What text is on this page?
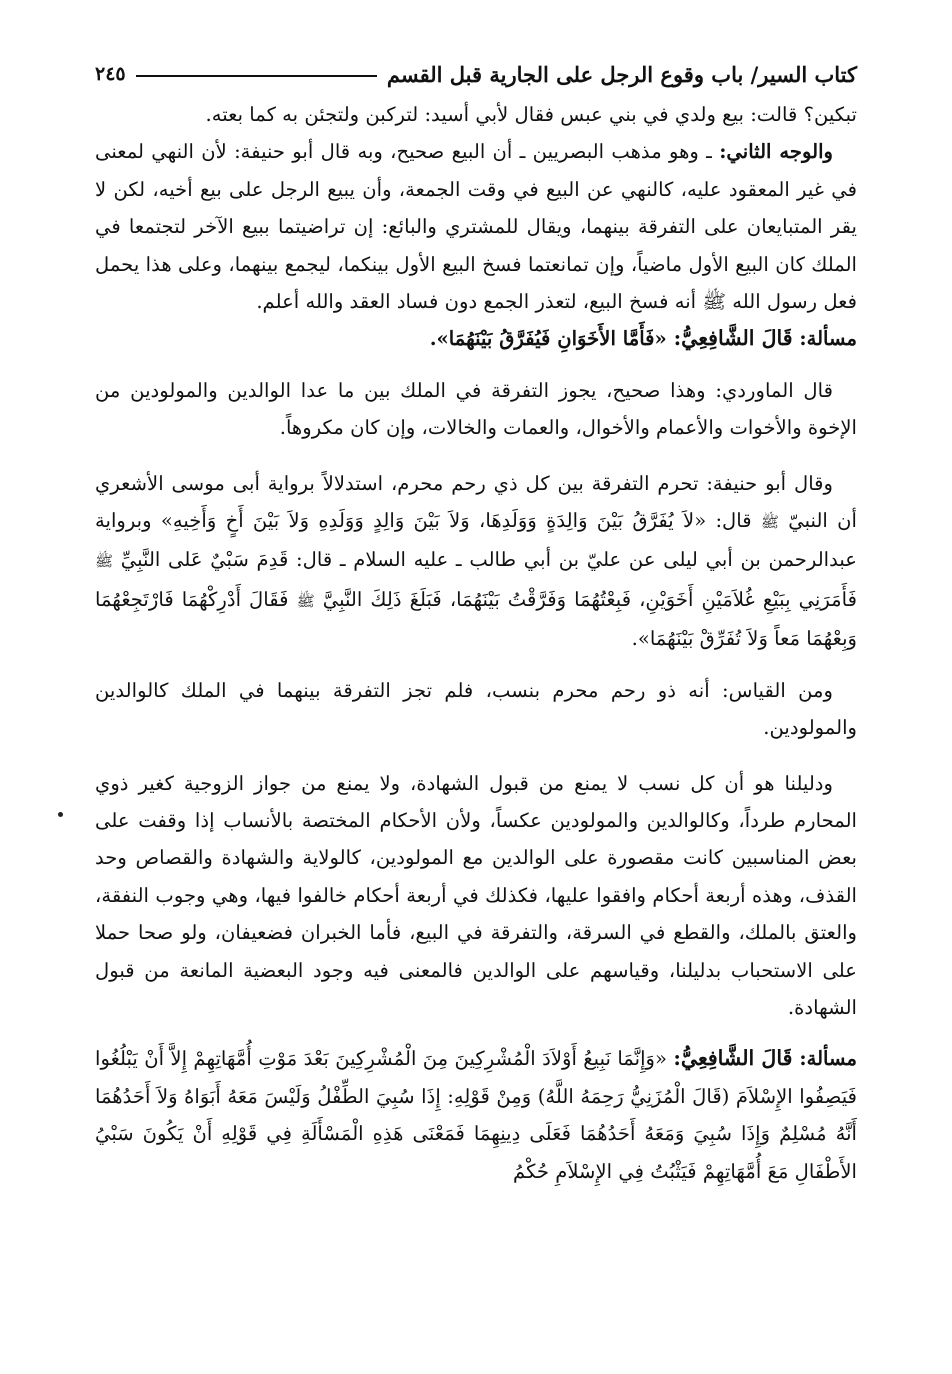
كتاب السير/ باب وقوع الرجل على الجارية قبل القسم
٢٤٥

تبكين؟ قالت: بيع ولدي في بني عبس فقال لأبي أسيد: لتركبن ولتجئن به كما بعته.

والوجه الثاني: ـ وهو مذهب البصريين ـ أن البيع صحيح، وبه قال أبو حنيفة: لأن النهي لمعنى في غير المعقود عليه، كالنهي عن البيع في وقت الجمعة، وأن يبيع الرجل على بيع أخيه، لكن لا يقر المتبايعان على التفرقة بينهما، ويقال للمشتري والبائع: إن تراضيتما ببيع الآخر لتجتمعا في الملك كان البيع الأول ماضياً، وإن تمانعتما فسخ البيع الأول بينكما، ليجمع بينهما، وعلى هذا يحمل فعل رسول الله ﷺ أنه فسخ البيع، لتعذر الجمع دون فساد العقد والله أعلم.

مسألة: قَالَ الشَّافِعِيُّ: «فَأَمَّا الأَخَوَانِ فَيُفَرَّقُ بَيْنَهُمَا».

قال الماوردي: وهذا صحيح، يجوز التفرقة في الملك بين ما عدا الوالدين والمولودين من الإخوة والأخوات والأعمام والأخوال، والعمات والخالات، وإن كان مكروهاً.

وقال أبو حنيفة: تحرم التفرقة بين كل ذي رحم محرم، استدلالاً برواية أبى موسى الأشعري أن النبيّ ﷺ قال: «لاَ يُفَرَّقُ بَيْنَ وَالِدَةٍ وَوَلَدِهَا، وَلاَ بَيْنَ وَالِدٍ وَوَلَدِهِ وَلاَ بَيْنَ أَخٍ وَأَخِيهِ» وبرواية عبدالرحمن بن أبي ليلى عن عليّ بن أبي طالب ـ عليه السلام ـ قال: قَدِمَ سَبْيٌ عَلى النَّبِيِّ ﷺ فَأَمَرَنِي بِبَيْعِ غُلاَمَيْنِ أَخَوَيْنِ، فَبِعْتُهُمَا وَفَرَّقْتُ بَيْنَهُمَا، فَبَلَغَ ذَلِكَ النَّبِيَّ ﷺ فَقَالَ أَدْرِكْهُمَا فَارْتَجِعْهُمَا وَبِعْهُمَا مَعاً وَلاَ تُفَرِّقْ بَيْنَهُمَا».

ومن القياس: أنه ذو رحم محرم بنسب، فلم تجز التفرقة بينهما في الملك كالوالدين والمولودين.

ودليلنا هو أن كل نسب لا يمنع من قبول الشهادة، ولا يمنع من جواز الزوجية كغير ذوي المحارم طرداً، وكالوالدين والمولودين عكساً، ولأن الأحكام المختصة بالأنساب إذا وقفت على بعض المناسبين كانت مقصورة على الوالدين مع المولودين، كالولاية والشهادة والقصاص وحد القذف، وهذه أربعة أحكام وافقوا عليها، فكذلك في أربعة أحكام خالفوا فيها، وهي وجوب النفقة، والعتق بالملك، والقطع في السرقة، والتفرقة في البيع، فأما الخبران فضعيفان، ولو صحا حملا على الاستحباب بدليلنا، وقياسهم على الوالدين فالمعنى فيه وجود البعضية المانعة من قبول الشهادة.

مسألة: قَالَ الشَّافِعِيُّ: «وَإِنَّمَا نَبِيعُ أَوْلاَدَ الْمُشْرِكِينَ مِنَ الْمُشْرِكِينَ بَعْدَ مَوْتِ أُمَّهَاتِهِمْ إِلاَّ أَنْ يَبْلُغُوا فَيَصِفُوا الإِسْلاَمَ (قَالَ الْمُزَنِيُّ رَحِمَهُ اللَّهُ) وَمِنْ قَوْلِهِ: إِذَا سُبِيَ الطِّفْلُ وَلَيْسَ مَعَهُ أَبَوَاهُ وَلاَ أَحَدُهُمَا أَنَّهُ مُسْلِمٌ وَإِذَا سُبِيَ وَمَعَهُ أَحَدُهُمَا فَعَلَى دِينِهِمَا فَمَعْنَى هَذِهِ الْمَسْأَلَةِ فِي قَوْلِهِ أَنْ يَكُونَ سَبْيُ الأَطْفَالِ مَعَ أُمَّهَاتِهِمْ فَيَثْبُتُ فِي الإِسْلاَمِ حُكْمُ
